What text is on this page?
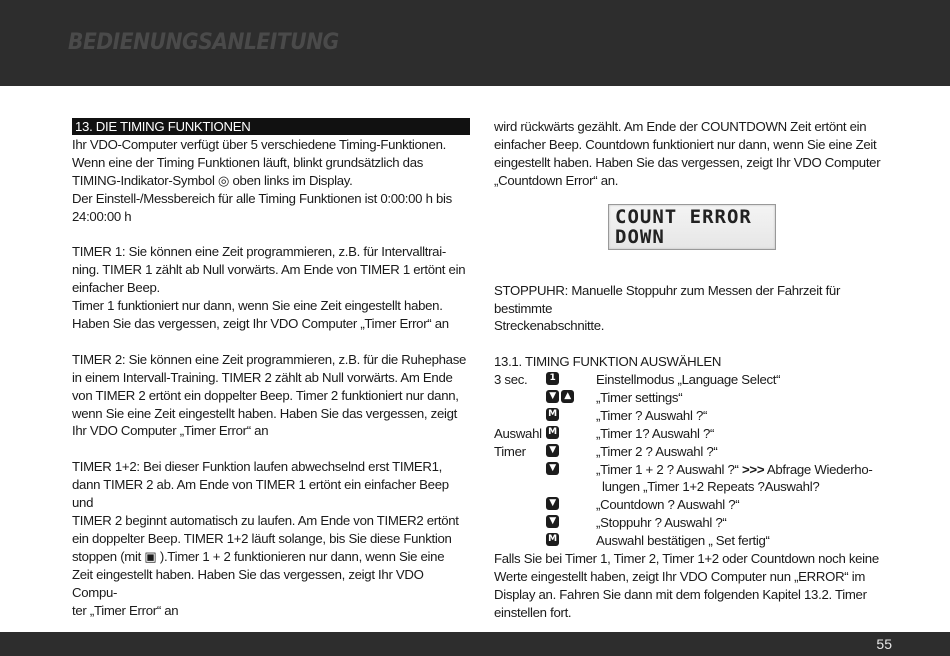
BEDIENUNGSANLEITUNG
13. DIE TIMING FUNKTIONEN

Ihr VDO-Computer verfügt über 5 verschiedene Timing-Funktionen.

Wenn eine der Timing Funktionen läuft, blinkt grundsätzlich das

TIMING-Indikator-Symbol ◎ oben links im Display.

Der Einstell-/Messbereich für alle Timing Funktionen ist 0:00:00 h bis

24:00:00 h

TIMER 1: Sie können eine Zeit programmieren, z.B. für Intervalltrai-

ning. TIMER 1 zählt ab Null vorwärts. Am Ende von TIMER 1 ertönt ein

einfacher Beep.

Timer 1 funktioniert nur dann, wenn Sie eine Zeit eingestellt haben.

Haben Sie das vergessen, zeigt Ihr VDO Computer „Timer Error“ an

TIMER 2: Sie können eine Zeit programmieren, z.B. für die Ruhephase

in einem Intervall-Training. TIMER 2 zählt ab Null vorwärts. Am Ende

von TIMER 2 ertönt ein doppelter Beep. Timer 2 funktioniert nur dann,

wenn Sie eine Zeit eingestellt haben. Haben Sie das vergessen, zeigt

Ihr VDO Computer „Timer Error“ an

TIMER 1+2: Bei dieser Funktion laufen abwechselnd erst TIMER1,

dann TIMER 2 ab. Am Ende von TIMER 1 ertönt ein einfacher Beep und

TIMER 2 beginnt automatisch zu laufen. Am Ende von TIMER2 ertönt

ein doppelter Beep. TIMER 1+2 läuft solange, bis Sie diese Funktion

stoppen (mit ▣ ).Timer 1 + 2 funktionieren nur dann, wenn Sie eine

Zeit eingestellt haben. Haben Sie das vergessen, zeigt Ihr VDO Compu-

ter „Timer Error“ an

wird rückwärts gezählt. Am Ende der COUNTDOWN Zeit ertönt ein

einfacher Beep. Countdown funktioniert nur dann, wenn Sie eine Zeit

eingestellt haben. Haben Sie das vergessen, zeigt Ihr VDO Computer

„Countdown Error“ an.

COUNT ERROR
DOWN

STOPPUHR: Manuelle Stoppuhr zum Messen der Fahrzeit für bestimmte

Streckenabschnitte.

13.1. TIMING FUNKTION AUSWÄHLEN

3 sec.	1	Einstellmodus „Language Select“
▼ ▲ „Timer settings“
M	„Timer ? Auswahl ?“
Auswahl M	„Timer 1? Auswahl ?“
Timer	▼	„Timer 2 ? Auswahl ?“
▼	„Timer 1 + 2 ? Auswahl ?“ >>> Abfrage Wiederho-
lungen „Timer 1+2 Repeats ?Auswahl?
▼	„Countdown ? Auswahl ?“
▼	„Stoppuhr ? Auswahl ?“
M	Auswahl bestätigen „ Set fertig“

Falls Sie bei Timer 1, Timer 2, Timer 1+2 oder Countdown noch keine

Werte eingestellt haben, zeigt Ihr VDO Computer nun „ERROR“ im

Display an. Fahren Sie dann mit dem folgenden Kapitel 13.2. Timer

einstellen fort.

55
